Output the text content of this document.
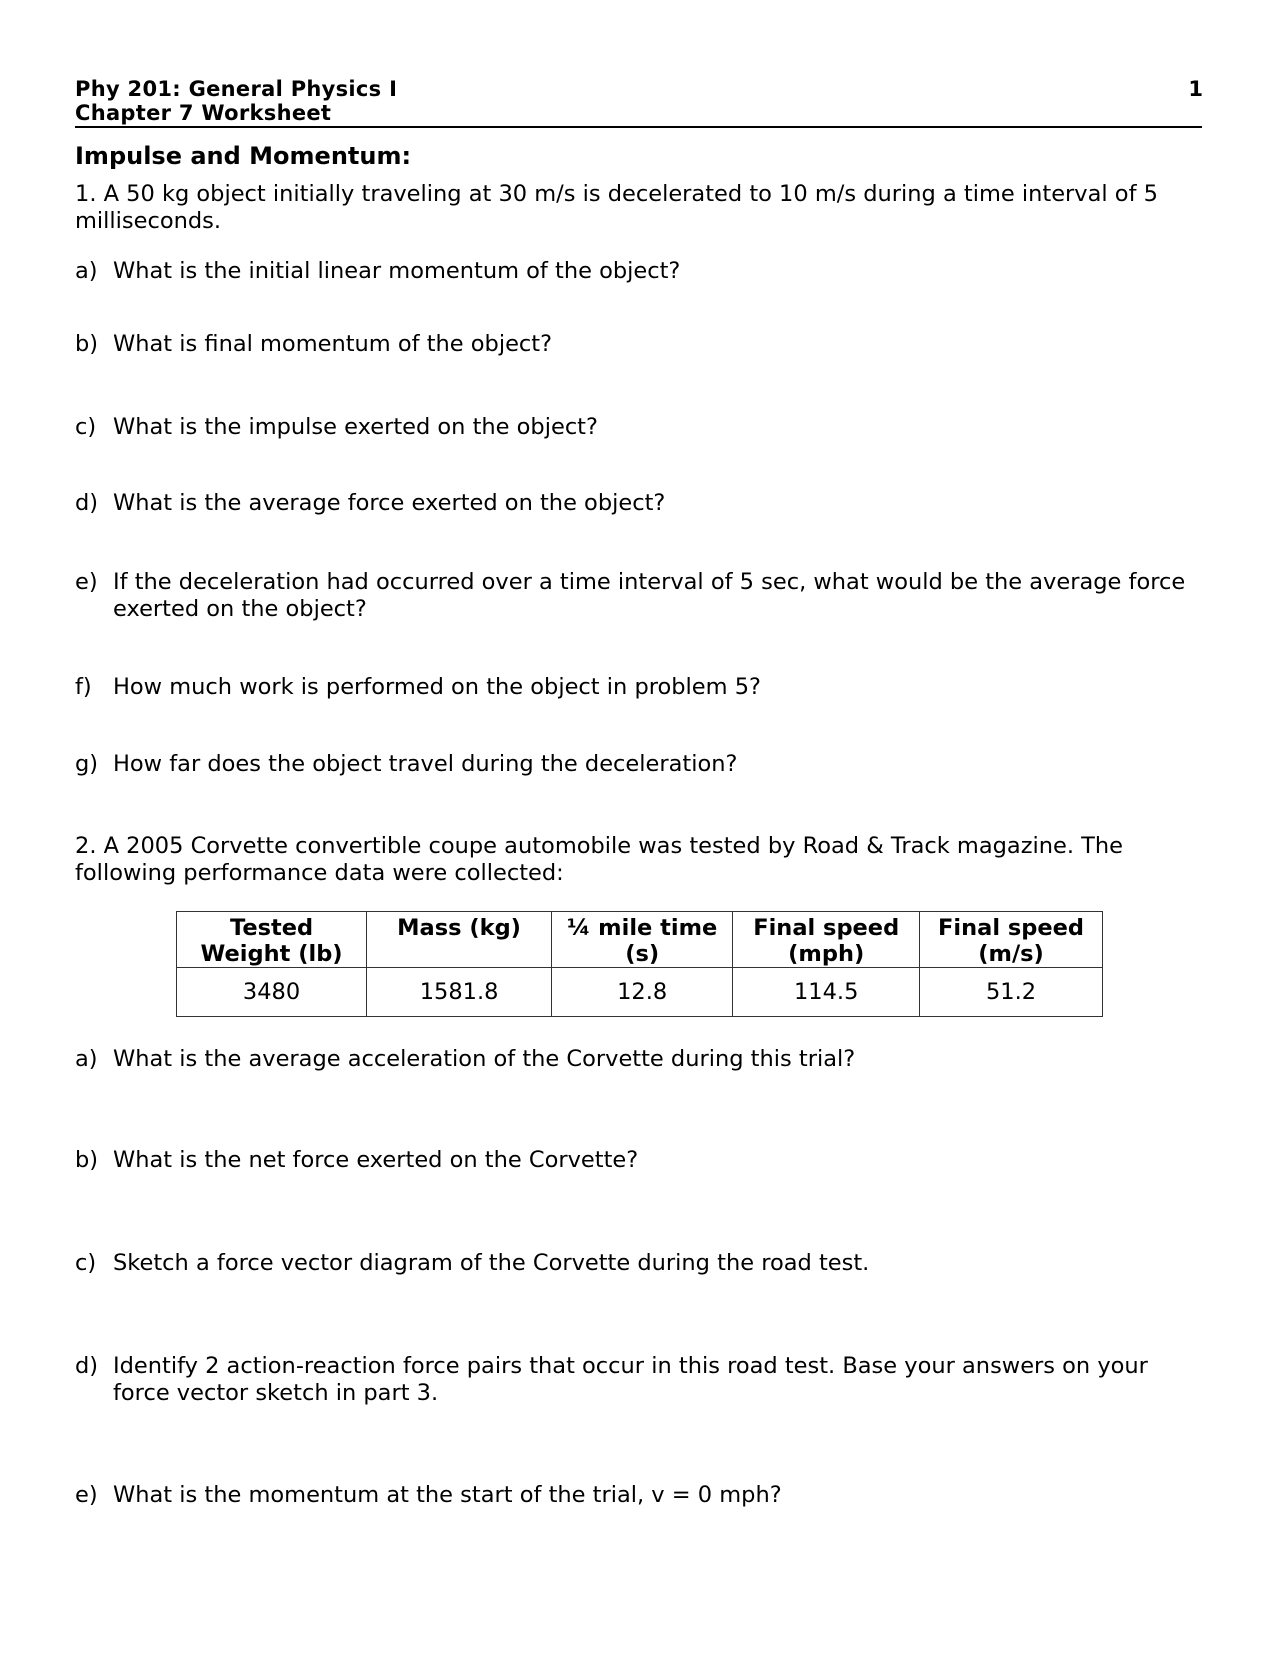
Phy 201: General Physics I
Chapter 7 Worksheet
1
Impulse and Momentum:
1. A 50 kg object initially traveling at 30 m/s is decelerated to 10 m/s during a time interval of 5 milliseconds.
a) What is the initial linear momentum of the object?
b) What is final momentum of the object?
c) What is the impulse exerted on the object?
d) What is the average force exerted on the object?
e) If the deceleration had occurred over a time interval of 5 sec, what would be the average force exerted on the object?
f) How much work is performed on the object in problem 5?
g) How far does the object travel during the deceleration?
2. A 2005 Corvette convertible coupe automobile was tested by Road & Track magazine. The following performance data were collected:
Tested Weight (lb)	Mass (kg)	¼ mile time (s)	Final speed (mph)	Final speed (m/s)
3480	1581.8	12.8	114.5	51.2
a) What is the average acceleration of the Corvette during this trial?
b) What is the net force exerted on the Corvette?
c) Sketch a force vector diagram of the Corvette during the road test.
d) Identify 2 action-reaction force pairs that occur in this road test. Base your answers on your force vector sketch in part 3.
e) What is the momentum at the start of the trial, v = 0 mph?
